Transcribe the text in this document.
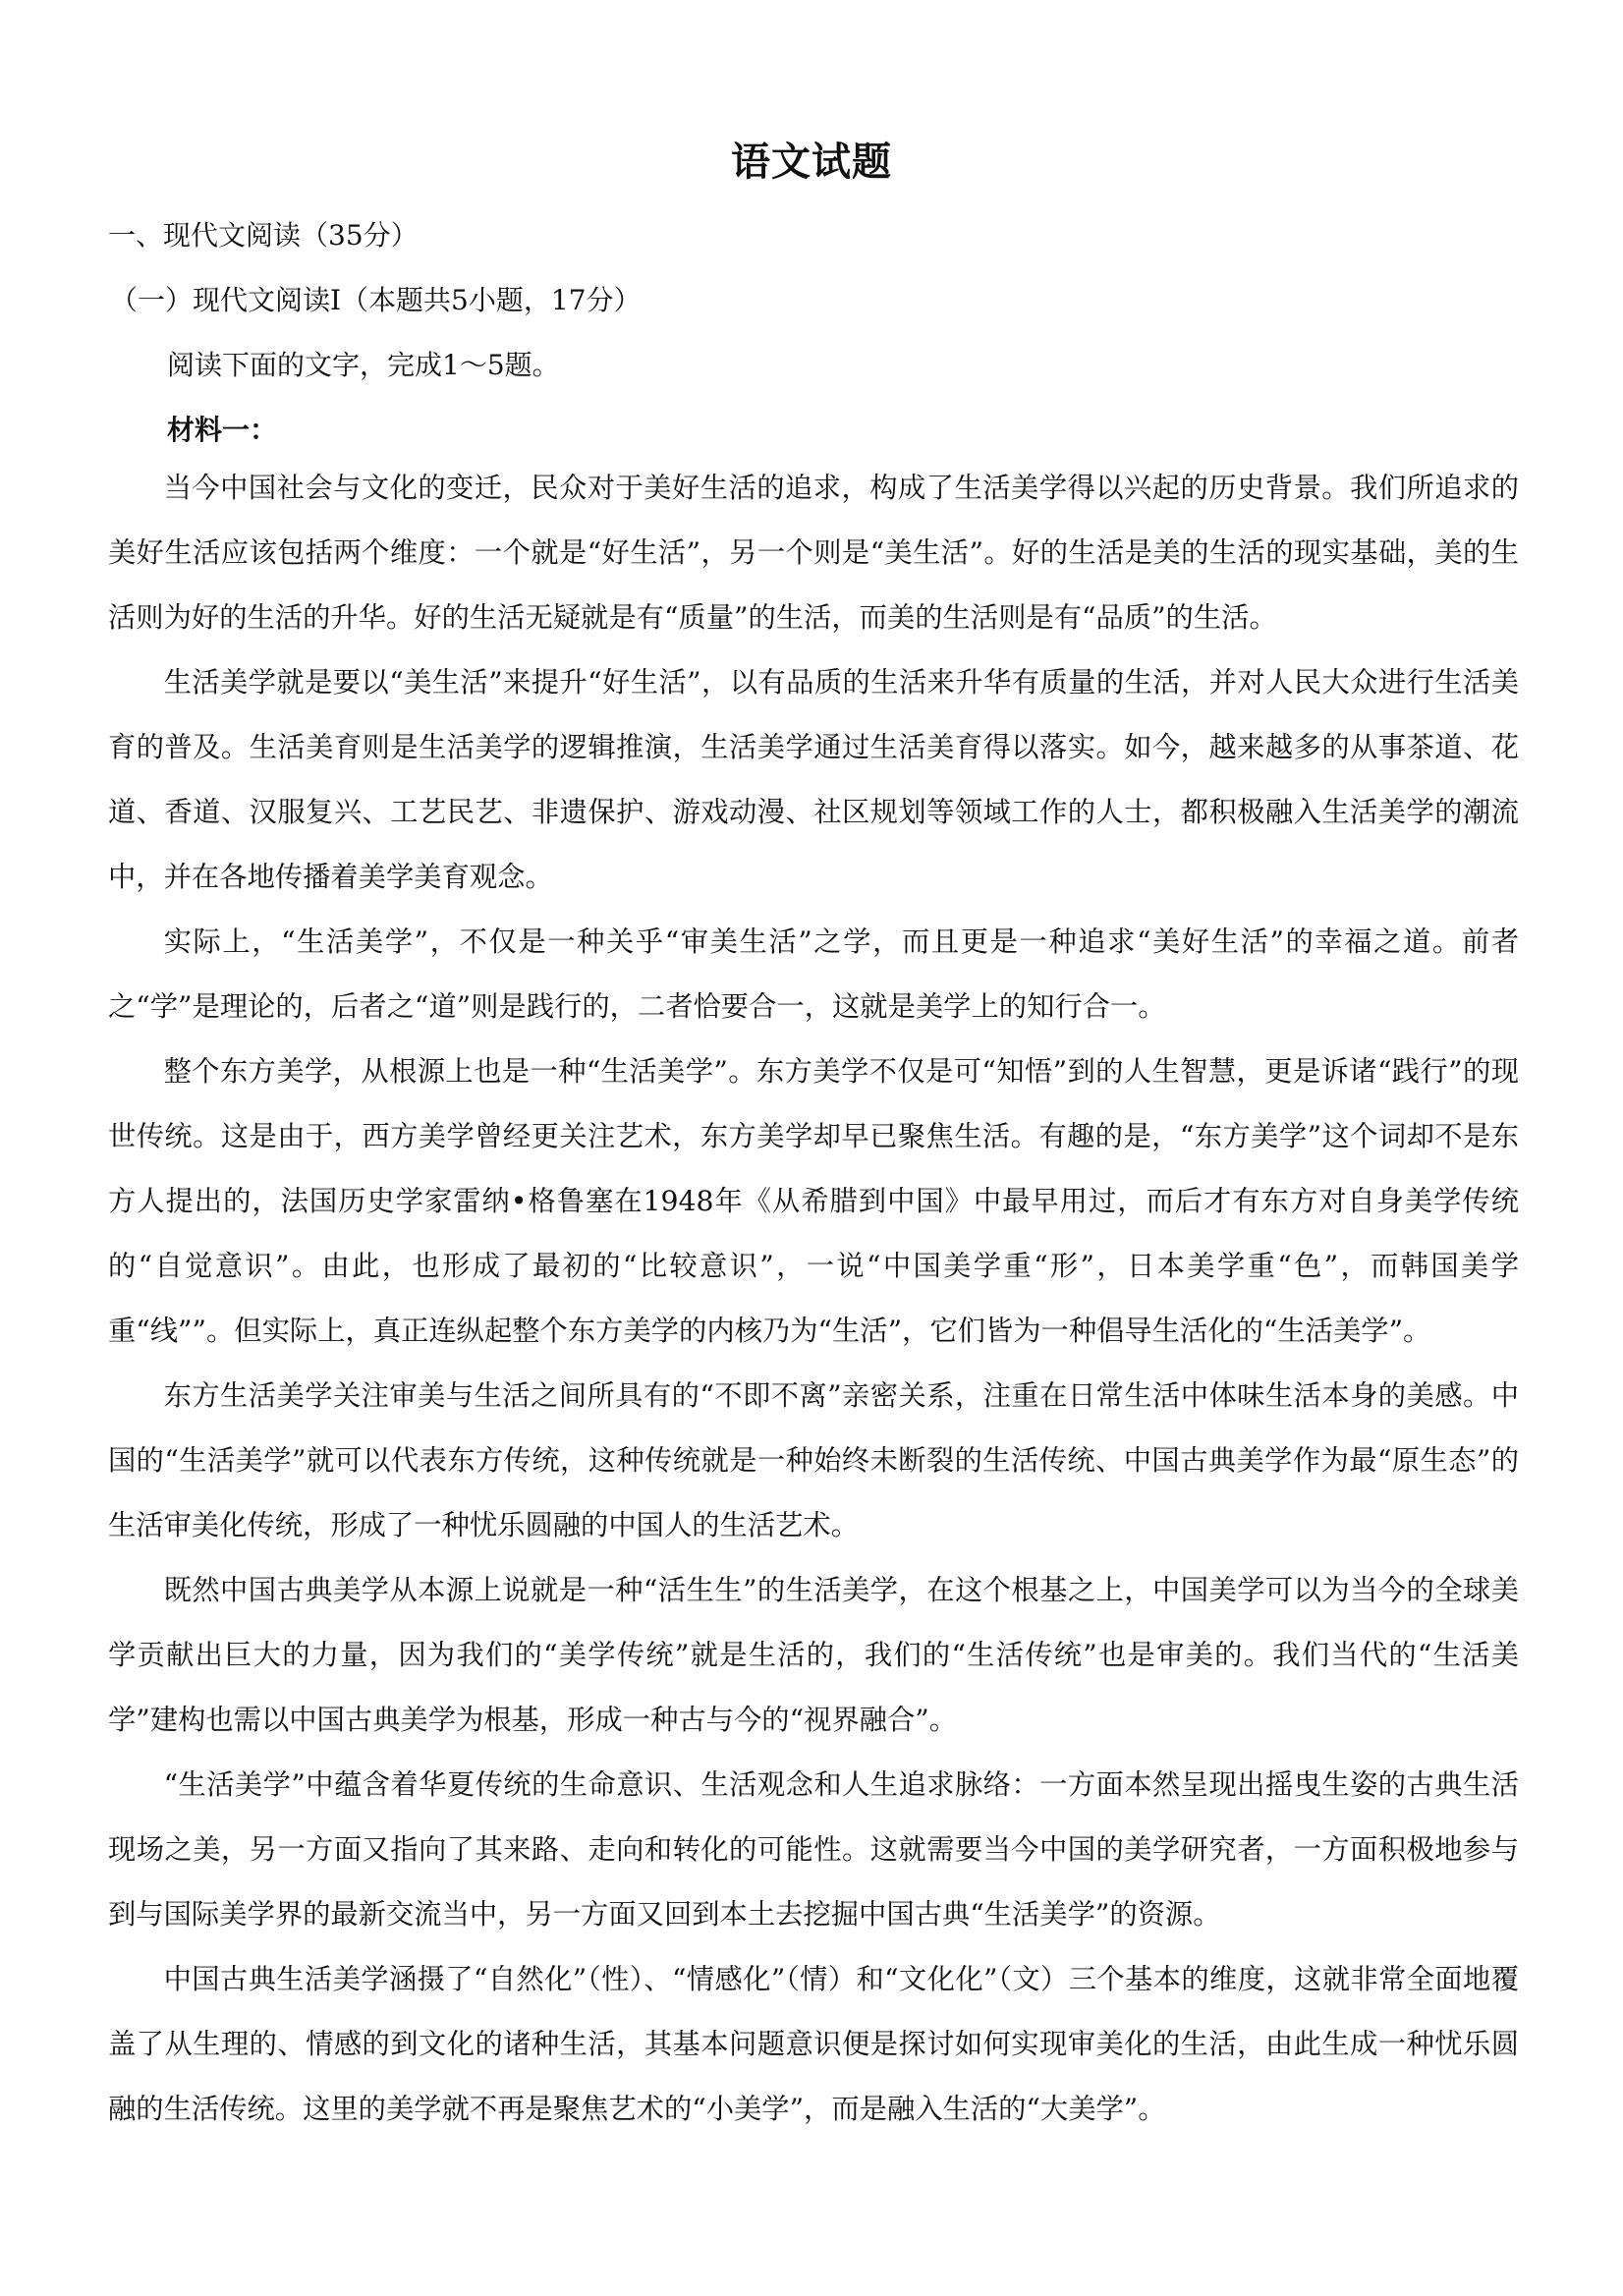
语文试题
一、现代文阅读（35分）
（一）现代文阅读Ⅰ（本题共5小题，17分）
阅读下面的文字，完成1～5题。
材料一：

当今中国社会与文化的变迁，民众对于美好生活的追求，构成了生活美学得以兴起的历史背景。我们所追求的美好生活应该包括两个维度：一个就是“好生活”，另一个则是“美生活”。好的生活是美的生活的现实基础，美的生活则为好的生活的升华。好的生活无疑就是有“质量”的生活，而美的生活则是有“品质”的生活。

生活美学就是要以“美生活”来提升“好生活”，以有品质的生活来升华有质量的生活，并对人民大众进行生活美育的普及。生活美育则是生活美学的逻辑推演，生活美学通过生活美育得以落实。如今，越来越多的从事茶道、花道、香道、汉服复兴、工艺民艺、非遗保护、游戏动漫、社区规划等领域工作的人士，都积极融入生活美学的潮流中，并在各地传播着美学美育观念。

实际上，“生活美学”，不仅是一种关乎“审美生活”之学，而且更是一种追求“美好生活”的幸福之道。前者之“学”是理论的，后者之“道”则是践行的，二者恰要合一，这就是美学上的知行合一。

整个东方美学，从根源上也是一种“生活美学”。东方美学不仅是可“知悟”到的人生智慧，更是诉诸“践行”的现世传统。这是由于，西方美学曾经更关注艺术，东方美学却早已聚焦生活。有趣的是，“东方美学”这个词却不是东方人提出的，法国历史学家雷纳•格鲁塞在1948年《从希腊到中国》中最早用过，而后才有东方对自身美学传统的“自觉意识”。由此，也形成了最初的“比较意识”，一说“中国美学重“形”，日本美学重“色”，而韩国美学重“线””。但实际上，真正连纵起整个东方美学的内核乃为“生活”，它们皆为一种倡导生活化的“生活美学”。

东方生活美学关注审美与生活之间所具有的“不即不离”亲密关系，注重在日常生活中体味生活本身的美感。中国的“生活美学”就可以代表东方传统，这种传统就是一种始终未断裂的生活传统、中国古典美学作为最“原生态”的生活审美化传统，形成了一种忧乐圆融的中国人的生活艺术。

既然中国古典美学从本源上说就是一种“活生生”的生活美学，在这个根基之上，中国美学可以为当今的全球美学贡献出巨大的力量，因为我们的“美学传统”就是生活的，我们的“生活传统”也是审美的。我们当代的“生活美学”建构也需以中国古典美学为根基，形成一种古与今的“视界融合”。

“生活美学”中蕴含着华夏传统的生命意识、生活观念和人生追求脉络：一方面本然呈现出摇曳生姿的古典生活现场之美，另一方面又指向了其来路、走向和转化的可能性。这就需要当今中国的美学研究者，一方面积极地参与到与国际美学界的最新交流当中，另一方面又回到本土去挖掘中国古典“生活美学”的资源。

中国古典生活美学涵摄了“自然化”（性）、“情感化”（情）和“文化化”（文）三个基本的维度，这就非常全面地覆盖了从生理的、情感的到文化的诸种生活，其基本问题意识便是探讨如何实现审美化的生活，由此生成一种忧乐圆融的生活传统。这里的美学就不再是聚焦艺术的“小美学”，而是融入生活的“大美学”。
